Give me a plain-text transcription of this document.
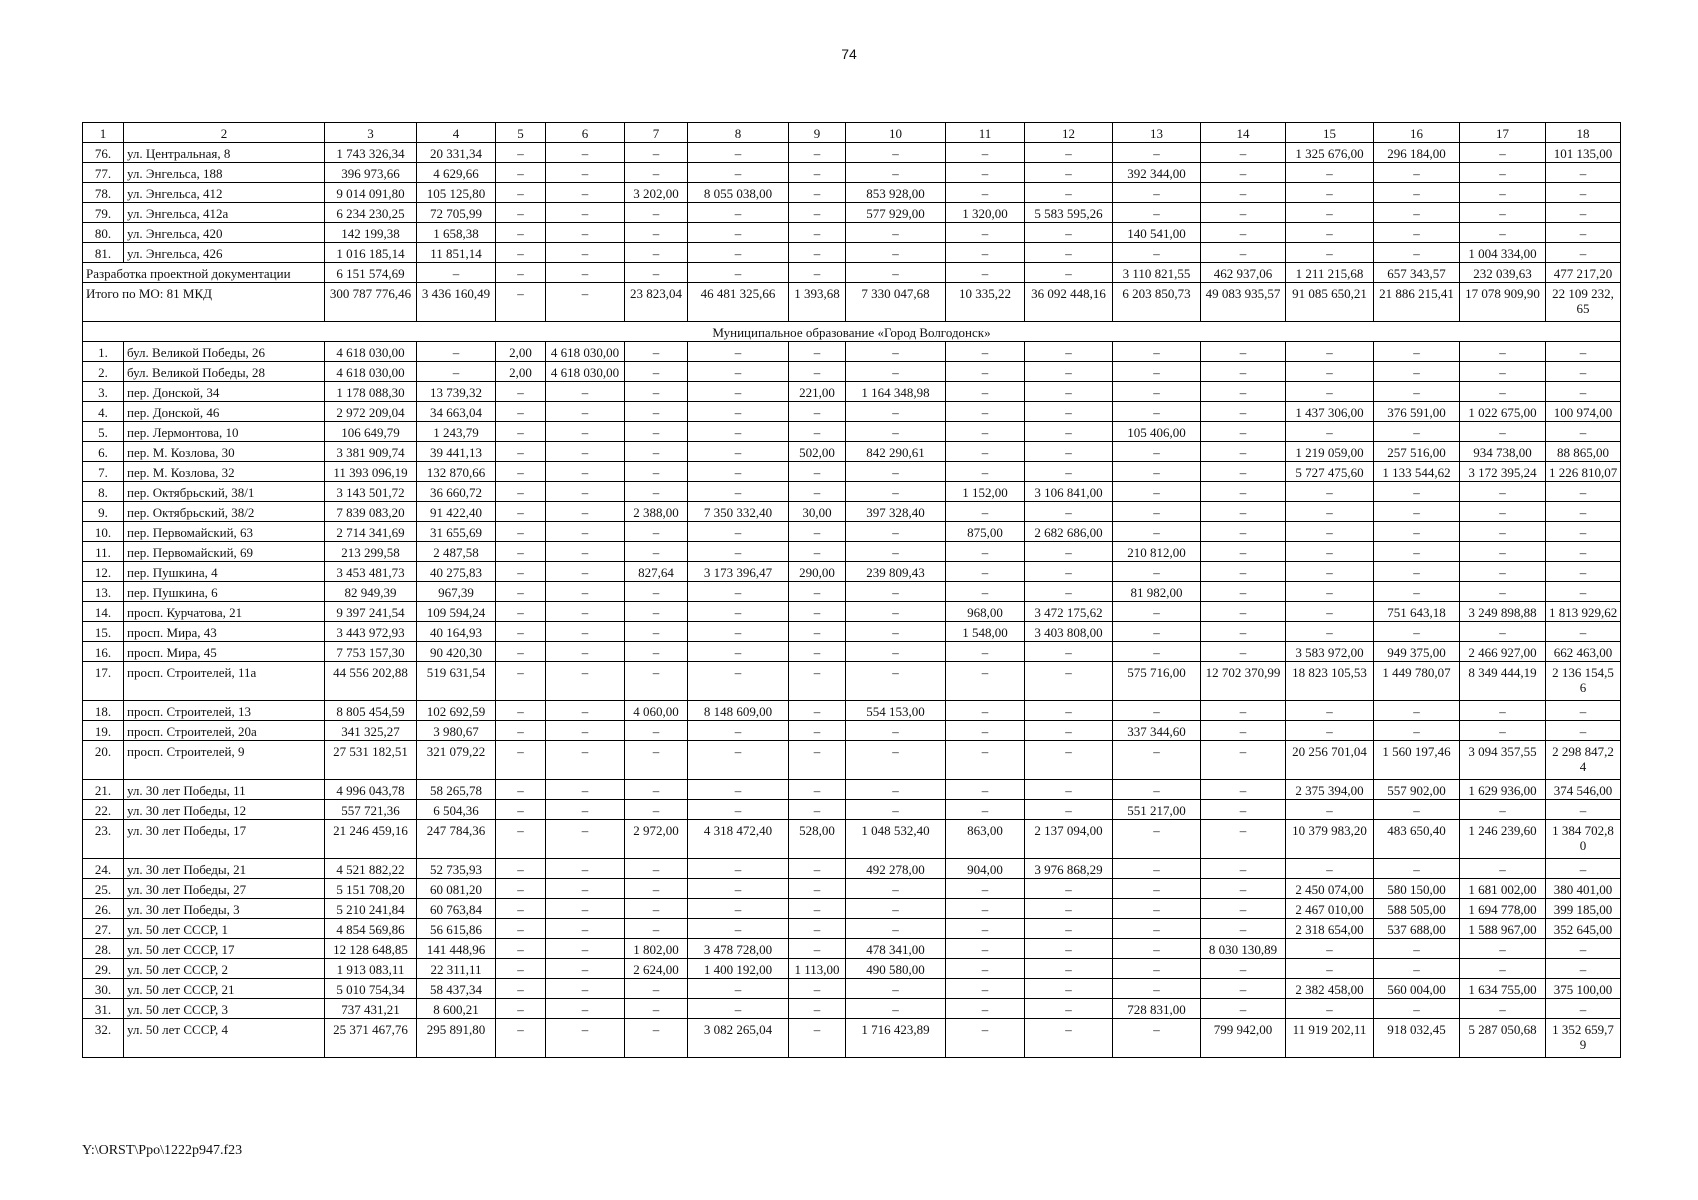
74
1	2	3	4	5	6	7	8	9	10	11	12	13	14	15	16	17	18
76.	ул. Центральная, 8	1 743 326,34	20 331,34	–	–	–	–	–	–	–	–	–	–	1 325 676,00	296 184,00	–	101 135,00
77.	ул. Энгельса, 188	396 973,66	4 629,66	–	–	–	–	–	–	–	–	392 344,00	–	–	–	–	–
78.	ул. Энгельса, 412	9 014 091,80	105 125,80	–	–	3 202,00	8 055 038,00	–	853 928,00	–	–	–	–	–	–	–	–
79.	ул. Энгельса, 412а	6 234 230,25	72 705,99	–	–	–	–	–	577 929,00	1 320,00	5 583 595,26	–	–	–	–	–	–
80.	ул. Энгельса, 420	142 199,38	1 658,38	–	–	–	–	–	–	–	–	140 541,00	–	–	–	–	–
81.	ул. Энгельса, 426	1 016 185,14	11 851,14	–	–	–	–	–	–	–	–	–	–	–	–	1 004 334,00	–
Разработка проектной документации		6 151 574,69	–	–	–	–	–	–	–	–	–	3 110 821,55	462 937,06	1 211 215,68	657 343,57	232 039,63	477 217,20
Итого по МО: 81 МКД		300 787 776,46	3 436 160,49	–	–	23 823,04	46 481 325,66	1 393,68	7 330 047,68	10 335,22	36 092 448,16	6 203 850,73	49 083 935,57	91 085 650,21	21 886 215,41	17 078 909,90	22 109 232,65
Муниципальное образование «Город Волгодонск»																	
1.	бул. Великой Победы, 26	4 618 030,00	–	2,00	4 618 030,00	–	–	–	–	–	–	–	–	–	–	–	–
2.	бул. Великой Победы, 28	4 618 030,00	–	2,00	4 618 030,00	–	–	–	–	–	–	–	–	–	–	–	–
3.	пер. Донской, 34	1 178 088,30	13 739,32	–	–	–	–	221,00	1 164 348,98	–	–	–	–	–	–	–	–
4.	пер. Донской, 46	2 972 209,04	34 663,04	–	–	–	–	–	–	–	–	–	–	1 437 306,00	376 591,00	1 022 675,00	100 974,00
5.	пер. Лермонтова, 10	106 649,79	1 243,79	–	–	–	–	–	–	–	–	105 406,00	–	–	–	–	–
6.	пер. М. Козлова, 30	3 381 909,74	39 441,13	–	–	–	–	502,00	842 290,61	–	–	–	–	1 219 059,00	257 516,00	934 738,00	88 865,00
7.	пер. М. Козлова, 32	11 393 096,19	132 870,66	–	–	–	–	–	–	–	–	–	–	5 727 475,60	1 133 544,62	3 172 395,24	1 226 810,07
8.	пер. Октябрьский, 38/1	3 143 501,72	36 660,72	–	–	–	–	–	–	1 152,00	3 106 841,00	–	–	–	–	–	–
9.	пер. Октябрьский, 38/2	7 839 083,20	91 422,40	–	–	2 388,00	7 350 332,40	30,00	397 328,40	–	–	–	–	–	–	–	–
10.	пер. Первомайский, 63	2 714 341,69	31 655,69	–	–	–	–	–	–	875,00	2 682 686,00	–	–	–	–	–	–
11.	пер. Первомайский, 69	213 299,58	2 487,58	–	–	–	–	–	–	–	–	210 812,00	–	–	–	–	–
12.	пер. Пушкина, 4	3 453 481,73	40 275,83	–	–	827,64	3 173 396,47	290,00	239 809,43	–	–	–	–	–	–	–	–
13.	пер. Пушкина, 6	82 949,39	967,39	–	–	–	–	–	–	–	–	81 982,00	–	–	–	–	–
14.	просп. Курчатова, 21	9 397 241,54	109 594,24	–	–	–	–	–	–	968,00	3 472 175,62	–	–	–	751 643,18	3 249 898,88	1 813 929,62
15.	просп. Мира, 43	3 443 972,93	40 164,93	–	–	–	–	–	–	1 548,00	3 403 808,00	–	–	–	–	–	–
16.	просп. Мира, 45	7 753 157,30	90 420,30	–	–	–	–	–	–	–	–	–	–	3 583 972,00	949 375,00	2 466 927,00	662 463,00
17.	просп. Строителей, 11а	44 556 202,88	519 631,54	–	–	–	–	–	–	–	–	575 716,00	12 702 370,99	18 823 105,53	1 449 780,07	8 349 444,19	2 136 154,56
18.	просп. Строителей, 13	8 805 454,59	102 692,59	–	–	4 060,00	8 148 609,00	–	554 153,00	–	–	–	–	–	–	–	–
19.	просп. Строителей, 20а	341 325,27	3 980,67	–	–	–	–	–	–	–	–	337 344,60	–	–	–	–	–
20.	просп. Строителей, 9	27 531 182,51	321 079,22	–	–	–	–	–	–	–	–	–	–	20 256 701,04	1 560 197,46	3 094 357,55	2 298 847,24
21.	ул. 30 лет Победы, 11	4 996 043,78	58 265,78	–	–	–	–	–	–	–	–	–	–	2 375 394,00	557 902,00	1 629 936,00	374 546,00
22.	ул. 30 лет Победы, 12	557 721,36	6 504,36	–	–	–	–	–	–	–	–	551 217,00	–	–	–	–	–
23.	ул. 30 лет Победы, 17	21 246 459,16	247 784,36	–	–	2 972,00	4 318 472,40	528,00	1 048 532,40	863,00	2 137 094,00	–	–	10 379 983,20	483 650,40	1 246 239,60	1 384 702,80
24.	ул. 30 лет Победы, 21	4 521 882,22	52 735,93	–	–	–	–	–	492 278,00	904,00	3 976 868,29	–	–	–	–	–	–
25.	ул. 30 лет Победы, 27	5 151 708,20	60 081,20	–	–	–	–	–	–	–	–	–	–	2 450 074,00	580 150,00	1 681 002,00	380 401,00
26.	ул. 30 лет Победы, 3	5 210 241,84	60 763,84	–	–	–	–	–	–	–	–	–	–	2 467 010,00	588 505,00	1 694 778,00	399 185,00
27.	ул. 50 лет СССР, 1	4 854 569,86	56 615,86	–	–	–	–	–	–	–	–	–	–	2 318 654,00	537 688,00	1 588 967,00	352 645,00
28.	ул. 50 лет СССР, 17	12 128 648,85	141 448,96	–	–	1 802,00	3 478 728,00	–	478 341,00	–	–	–	8 030 130,89	–	–	–	–
29.	ул. 50 лет СССР, 2	1 913 083,11	22 311,11	–	–	2 624,00	1 400 192,00	1 113,00	490 580,00	–	–	–	–	–	–	–	–
30.	ул. 50 лет СССР, 21	5 010 754,34	58 437,34	–	–	–	–	–	–	–	–	–	–	2 382 458,00	560 004,00	1 634 755,00	375 100,00
31.	ул. 50 лет СССР, 3	737 431,21	8 600,21	–	–	–	–	–	–	–	–	728 831,00	–	–	–	–	–
32.	ул. 50 лет СССР, 4	25 371 467,76	295 891,80	–	–	–	3 082 265,04	–	1 716 423,89	–	–	–	799 942,00	11 919 202,11	918 032,45	5 287 050,68	1 352 659,79
Y:\ORST\Ppo\1222p947.f23
